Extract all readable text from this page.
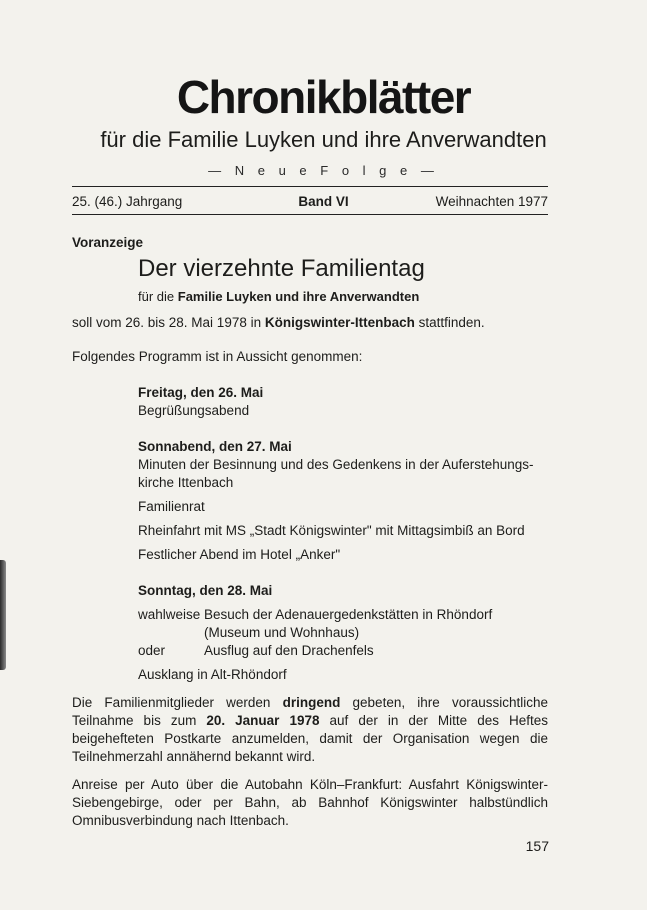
Chronikblätter
für die Familie Luyken und ihre Anverwandten
— N e u e F o l g e —
25. (46.) Jahrgang	Band VI	Weihnachten 1977
Voranzeige
Der vierzehnte Familientag
für die Familie Luyken und ihre Anverwandten
soll vom 26. bis 28. Mai 1978 in Königswinter-Ittenbach stattfinden.
Folgendes Programm ist in Aussicht genommen:
Freitag, den 26. Mai
Begrüßungsabend
Sonnabend, den 27. Mai
Minuten der Besinnung und des Gedenkens in der Auferstehungs-kirche Ittenbach
Familienrat
Rheinfahrt mit MS „Stadt Königswinter" mit Mittagsimbiß an Bord
Festlicher Abend im Hotel „Anker"
Sonntag, den 28. Mai
wahlweise Besuch der Adenauergedenkstätten in Rhöndorf
(Museum und Wohnhaus)
oder	Ausflug auf den Drachenfels
Ausklang in Alt-Rhöndorf
Die Familienmitglieder werden dringend gebeten, ihre voraussichtliche Teilnahme bis zum 20. Januar 1978 auf der in der Mitte des Heftes beigehefteten Postkarte anzumelden, damit der Organisation wegen die Teilnehmerzahl annähernd bekannt wird.
Anreise per Auto über die Autobahn Köln–Frankfurt: Ausfahrt Königswinter-Siebengebirge, oder per Bahn, ab Bahnhof Königswinter halbstündlich Omnibusverbindung nach Ittenbach.
157
